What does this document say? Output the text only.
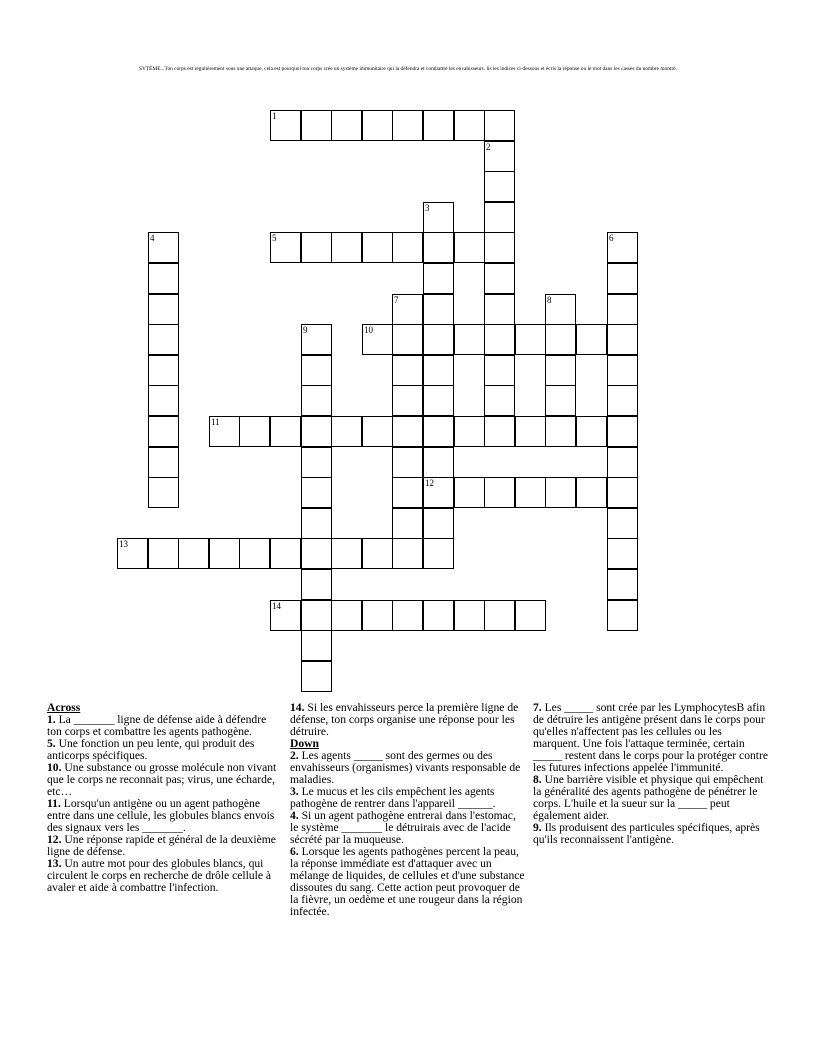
SYTÈME...Ton corps est régulièrement sous une attaque, cela est pourquoi ton corps crée un système immunitaire qui la défendra et combattre les envahisseurs. lis les indices ci-dessous et écris la réponse ou le mot dans les casses du nombre montré.
1
2
3
12
4	5	6
7	8
9	10
11
13
14

Across

1. La _______ ligne de défense aide à défendre ton corps et combattre les agents pathogène.

5. Une fonction un peu lente, qui produit des anticorps spécifiques.

10. Une substance ou grosse molécule non vivant que le corps ne reconnait pas; virus, une écharde, etc…

11. Lorsqu'un antigène ou un agent pathogène entre dans une cellule, les globules blancs envois des signaux vers les _______.

12. Une réponse rapide et général de la deuxième ligne de défense.

13. Un autre mot pour des globules blancs, qui circulent le corps en recherche de drôle cellule à avaler et aide à combattre l'infection.

14. Si les envahisseurs perce la première ligne de défense, ton corps organise une réponse pour les détruire.

Down

2. Les agents _____ sont des germes ou des envahisseurs (organismes) vivants responsable de maladies.

3. Le mucus et les cils empêchent les agents pathogène de rentrer dans l'appareil ______.

4. Si un agent pathogène entrerai dans l'estomac, le système _______ le détruirais avec de l'acide sécrété par la muqueuse.

6. Lorsque les agents pathogènes percent la peau, la réponse immédiate est d'attaquer avec un mélange de liquides, de cellules et d'une substance dissoutes du sang. Cette action peut provoquer de la fièvre, un oedème et une rougeur dans la région infectée.

7. Les _____ sont crée par les LymphocytesB afin de détruire les antigène présent dans le corps pour qu'elles n'affectent pas les cellules ou les marquent. Une fois l'attaque terminée, certain _____ restent dans le corps pour la protéger contre les futures infections appelée l'immunité.

8. Une barrière visible et physique qui empêchent la généralité des agents pathogène de pénétrer le corps. L'huile et la sueur sur la _____ peut également aider.

9. Ils produisent des particules spécifiques, après qu'ils reconnaissent l'antigène.
